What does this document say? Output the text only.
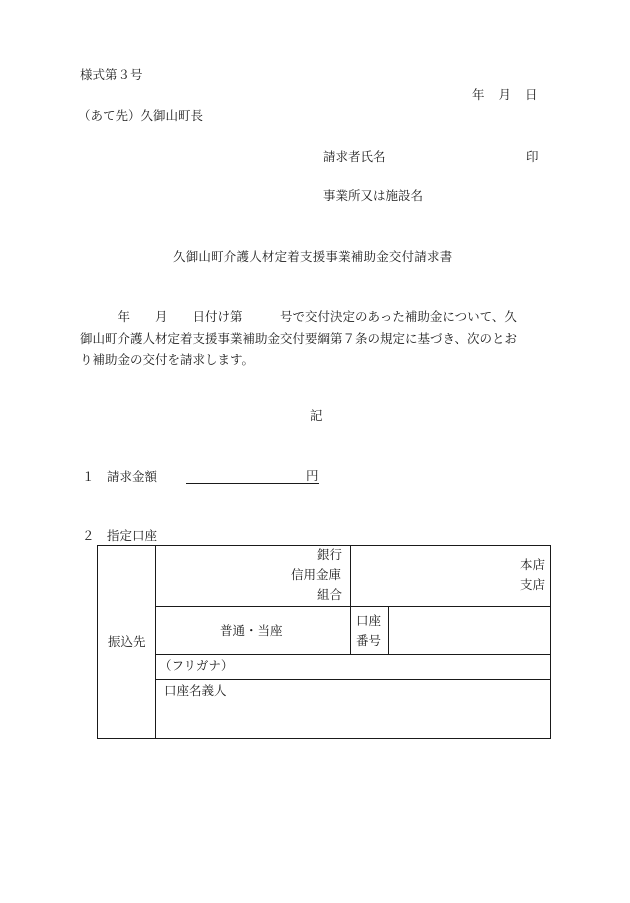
様式第３号
年 月 日
（あて先）久御山町長
請求者氏名	印
事業所又は施設名
久御山町介護人材定着支援事業補助金交付請求書
　　　年　　月　　日付け第　　　号で交付決定のあった補助金について、久
御山町介護人材定着支援事業補助金交付要綱第７条の規定に基づき、次のとお
り補助金の交付を請求します。
記
１ 請求金額	円
２ 指定口座
振込先
銀行
信用金庫
組合
本店
支店
普通・当座
口座
番号
（フリガナ）
口座名義人
